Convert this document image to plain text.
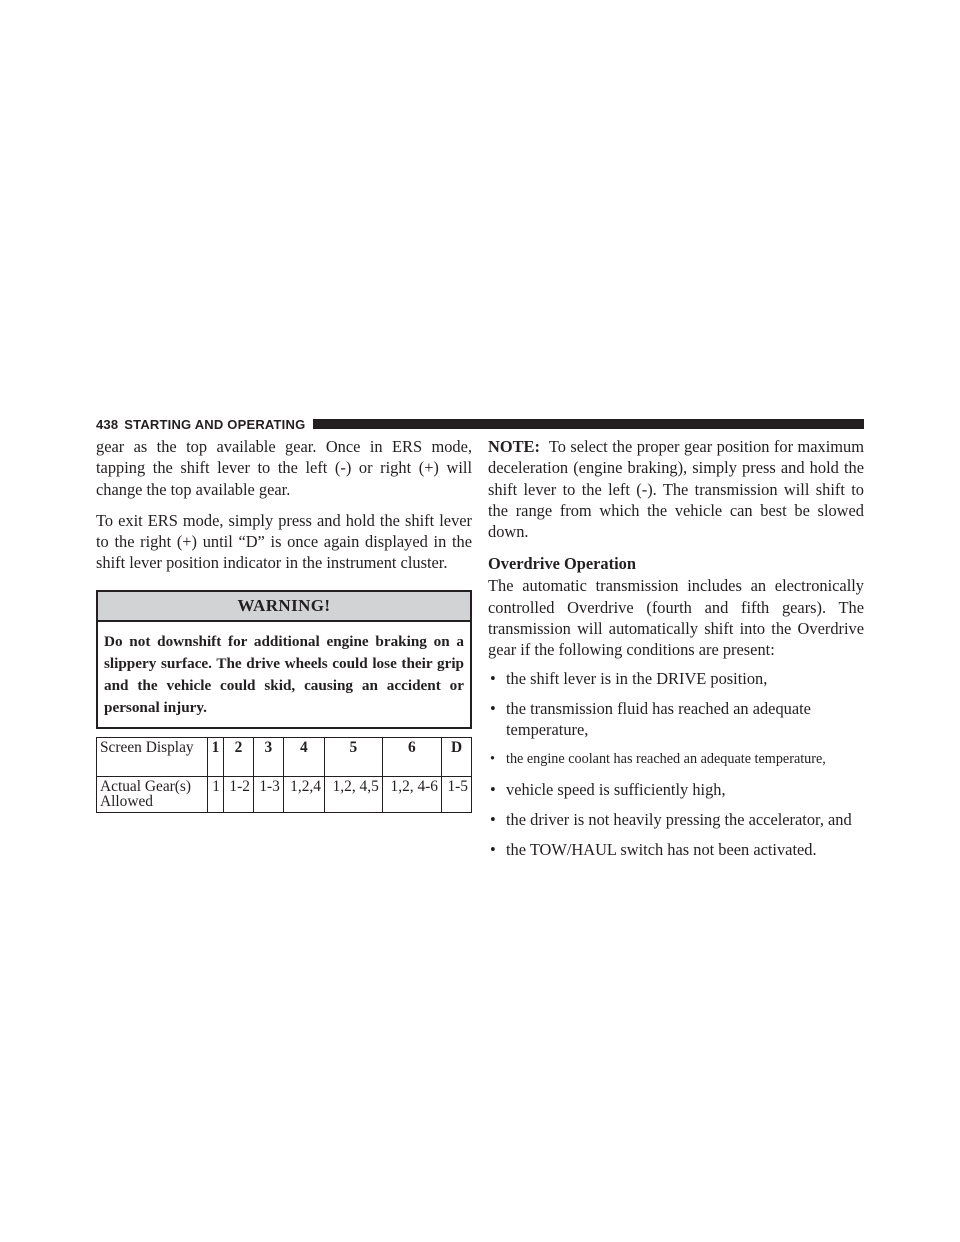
438 STARTING AND OPERATING

gear as the top available gear. Once in ERS mode, tapping the shift lever to the left (-) or right (+) will change the top available gear.

To exit ERS mode, simply press and hold the shift lever to the right (+) until “D” is once again displayed in the shift lever position indicator in the instrument cluster.

WARNING!
Do not downshift for additional engine braking on a slippery surface. The drive wheels could lose their grip and the vehicle could skid, causing an accident or personal injury.
Screen Display	1	2	3	4	5	6	D
Actual Gear(s) Allowed	1	1-2	1-3	1,2,4	1,2, 4,5	1,2, 4-6	1-5

NOTE: To select the proper gear position for maximum deceleration (engine braking), simply press and hold the shift lever to the left (-). The transmission will shift to the range from which the vehicle can best be slowed down.

Overdrive Operation

The automatic transmission includes an electronically controlled Overdrive (fourth and fifth gears). The transmission will automatically shift into the Overdrive gear if the following conditions are present:

• the shift lever is in the DRIVE position,
• the transmission fluid has reached an adequate temperature,
• the engine coolant has reached an adequate temperature,
• vehicle speed is sufficiently high,
• the driver is not heavily pressing the accelerator, and
• the TOW/HAUL switch has not been activated.
